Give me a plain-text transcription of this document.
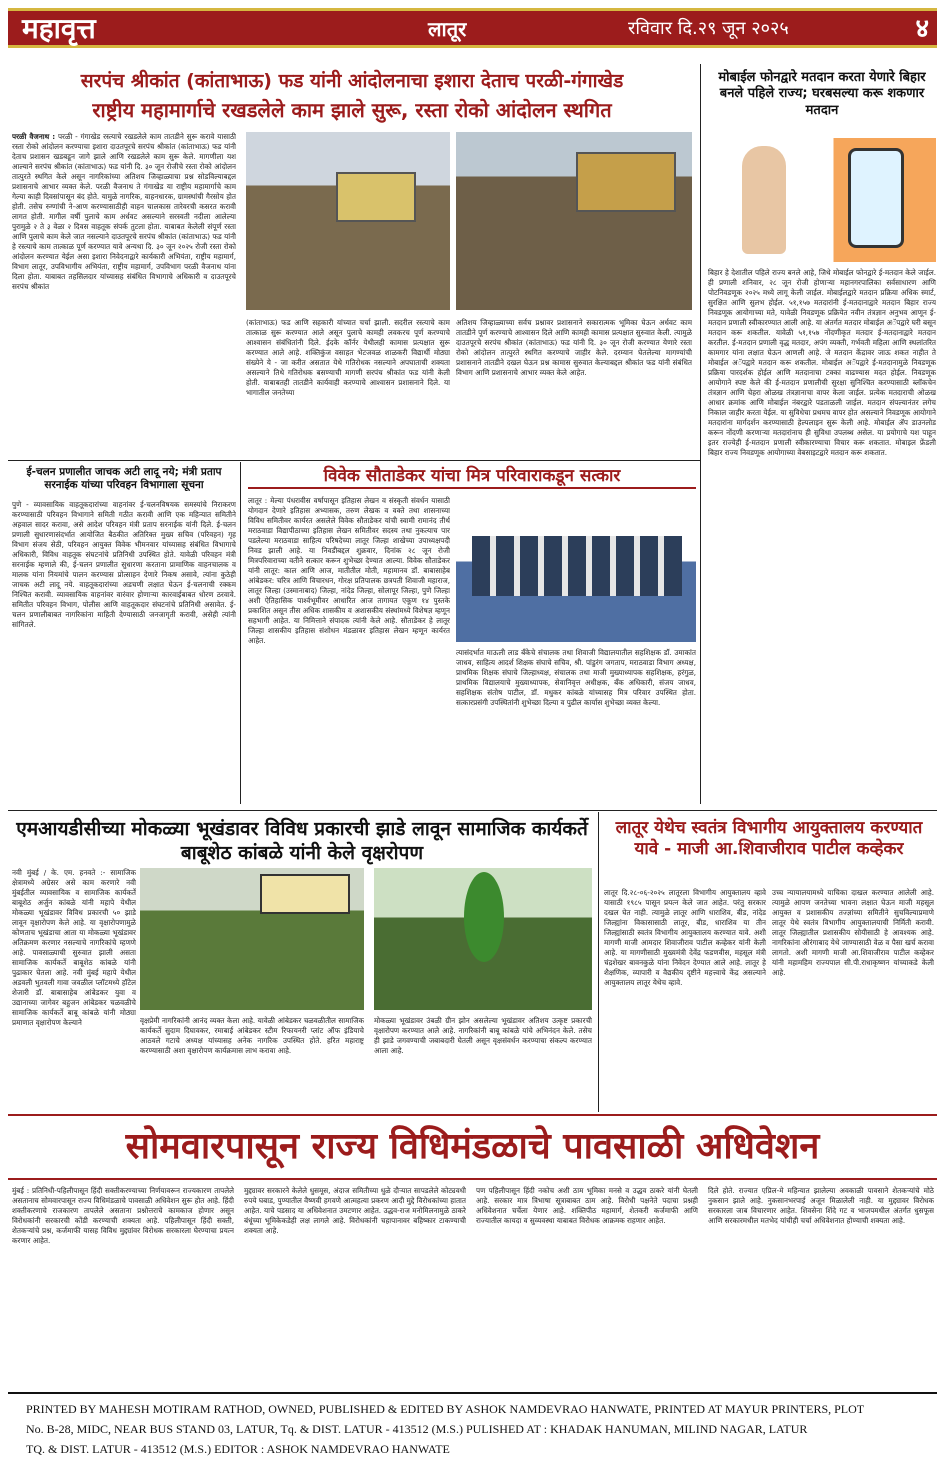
महावृत्त	लातूर	रविवार दि.२९ जून २०२५	४
सरपंच श्रीकांत (कांताभाऊ) फड यांनी आंदोलनाचा इशारा देताच परळी-गंगाखेड
राष्ट्रीय महामार्गाचे रखडलेले काम झाले सुरू, रस्ता रोको आंदोलन स्थगित
परळी वैजनाथ : परळी - गंगाखेड रस्त्याचे रखडलेले काम तातडीने सुरू करावे यासाठी रस्ता रोको आंदोलन करण्याचा इशारा दाउतपूरचे सरपंच श्रीकांत (कांताभाऊ) फड यांनी देताच प्रशासन खडबडून जागे झाले आणि रखडलेले काम सुरू केले. मागणीला यश आल्याने सरपंच श्रीकांत (कांताभाऊ) फड यांनी दि. ३० जून रोजीचे रस्ता रोको आंदोलन तात्पुरते स्थगित केले असून नागरिकांच्या अतिशय जिव्हाळ्याचा प्रश्न सोडविल्याबद्दल प्रशासनाचे आभार व्यक्त केले. परळी वैजनाथ ते गंगाखेड या राष्ट्रीय महामार्गाचे काम गेल्या काही दिवसांपासून बंद होते. यामुळे नागरिक, वाहनधारक, ग्रामस्थांची गैरसोय होत होती. तसेच रुग्णांची ने-आण करण्यासाठीही वाहन चालकास तारेवरची कसरत करावी लागत होती. मागील वर्षी पुलाचे काम अर्धवट असल्याने सरस्वती नदीला आलेल्या पुरामुळे २ ते ३ वेळा २ दिवस वाहतूक संपर्क तुटला होता. याबाबत केलेली संपूर्ण रस्ता आणि पुलाचे काम केले जात नसल्याने दाउतपूरचे सरपंच श्रीकांत (कांताभाऊ) फड यांनी हे रस्त्याचे काम तात्काळ पूर्ण करण्यात यावे अन्यथा दि. ३० जून २०२५ रोजी रस्ता रोको आंदोलन करण्यात येईल असा इशारा निवेदनाद्वारे कार्यकारी अभियंता, राष्ट्रीय महामार्ग, विभाग लातूर, उपविभागीय अभियंता, राष्ट्रीय महामार्ग, उपविभाग परळी वैजनाथ यांना दिला होता. याबाबत तहसिलदार यांच्यासह संबंधित विभागाचे अधिकारी व दाउतपूरचे सरपंच श्रीकांत
(कांताभाऊ) फड आणि सहकारी यांच्यात चर्चा झाली. सदरील रस्त्याचे काम तात्काळ सुरू करण्यात आले असून पुलाचे कामही लवकरच पूर्ण करण्याचे आश्वासन संबंधितांनी दिले. ईदके कॉर्नर येथीलही कामास प्रत्यक्षात सुरू करण्यात आले आहे. शक्तिकुंज वसाहत भेटजवळ शाळकरी विद्यार्थी मोठ्या संख्येने ये - जा करीत असतात येथे गतिरोधक नसल्याने अपघाताची शक्यता असल्याने तिथे गतिरोधक बसण्याची मागणी सरपंच श्रीकांत फड यांनी केली होती. याबाबतही तातडीने कार्यवाही करण्याचे आश्वासन प्रशासनाने दिले. या भागातील जनतेच्या
अतिशय जिव्हाळ्याच्या सर्वच प्रश्नावर प्रशासनाने सकारात्मक भूमिका घेऊन अर्धवट काम तातडीने पूर्ण करण्याचे आश्वासन दिले आणि कामही कामास प्रत्यक्षात सुरुवात केली. त्यामुळे दाउतपूरचे सरपंच श्रीकांत (कांताभाऊ) फड यांनी दि. ३० जून रोजी करण्यात येणारे रस्ता रोको आंदोलन तात्पुरते स्थगित करण्याचे जाहीर केले. दरम्यान घेतलेल्या मागण्यांची प्रशासनाने तातडीने दखल घेऊन प्रश्न कामास सुरुवात केल्याबद्दल श्रीकांत फड यांनी संबंधित विभाग आणि प्रशासनाचे आभार व्यक्त केले आहेत.
मोबाईल फोनद्वारे मतदान करता येणारे बिहार बनले पहिले राज्य; घरबसल्या करू शकणार मतदान
बिहार हे देशातील पहिले राज्य बनले आहे, जिथे मोबाईल फोनद्वारे ई-मतदान केले जाईल. ही प्रणाली शनिवार, २८ जून रोजी होणाऱ्या महानगरपालिका सर्वसाधारण आणि पोटनिवडणूक २०२५ मध्ये लागू केली जाईल. मोबाईलद्वारे मतदान प्रक्रिया अधिक स्मार्ट, सुरक्षित आणि सुलभ होईल. ५१,१५७ मतदारांनी ई-मतदानाद्वारे मतदान बिहार राज्य निवडणूक आयोगाच्या मते, यावेळी निवडणूक प्रक्रियेत नवीन तंत्रज्ञान अनुभव आणून ई-मतदान प्रणाली स्वीकारण्यात आली आहे. या अंतर्गत मतदार मोबाईल अॅपद्वारे घरी बसून मतदान करू शकतील. यावेळी ५१,१५७ नोंदणीकृत मतदार ई-मतदानाद्वारे मतदान करतील. ई-मतदान प्रणाली वृद्ध मतदार, अपंग व्यक्ती, गर्भवती महिला आणि स्थलांतरित कामगार यांना लक्षात घेऊन आणली आहे. जे मतदान केंद्रावर जाऊ शकत नाहीत ते मोबाईल अॅपद्वारे मतदान करू शकतील. मोबाईल अॅपद्वारे ई-मतदानामुळे निवडणूक प्रक्रिया पारदर्शक होईल आणि मतदानाचा टक्का वाढण्यास मदत होईल. निवडणूक आयोगाने स्पष्ट केले की ई-मतदान प्रणालीची सुरक्षा सुनिश्चित करण्यासाठी ब्लॉकचेन तंत्रज्ञान आणि चेहरा ओळख तंत्रज्ञानाचा वापर केला जाईल. प्रत्येक मतदाराची ओळख आधार क्रमांक आणि मोबाईल नंबरद्वारे पडताळली जाईल. मतदान संपल्यानंतर लगेच निकाल जाहीर करता येईल. या सुविधेचा प्रथमच वापर होत असल्याने निवडणूक आयोगाने मतदारांना मार्गदर्शन करण्यासाठी हेल्पलाइन सुरू केली आहे. मोबाईल ॲप डाउनलोड करून नोंदणी करणाऱ्या मतदारांनाच ही सुविधा उपलब्ध असेल. या प्रयोगाचे यश पाहून इतर राज्येही ई-मतदान प्रणाली स्वीकारण्याचा विचार करू शकतात. मोबाइल फ्रेंडली बिहार राज्य निवडणूक आयोगाच्या वेबसाइटद्वारे मतदान करू शकतात.
ई-चलन प्रणालीत जाचक अटी लादू नये; मंत्री प्रताप सरनाईक यांच्या परिवहन विभागाला सूचना
पुणे - व्यावसायिक वाहतूकदारांच्या वाहनांवर ई-चलनविषयक समस्यांचे निराकरण करण्यासाठी परिवहन विभागाने समिती गठीत करावी आणि एक महिन्यात समितीने अहवाल सादर करावा, असे आदेश परिवहन मंत्री प्रताप सरनाईक यांनी दिले. ई-चलन प्रणाली सुधारणासंदर्भात आयोजित बैठकीत अतिरिक्त मुख्य सचिव (परिवहन) गृह विभाग संजय सेठी, परिवहन आयुक्त विवेक भीमनवार यांच्यासह संबंधित विभागाचे अधिकारी, विविध वाहतूक संघटनांचे प्रतिनिधी उपस्थित होते. यावेळी परिवहन मंत्री सरनाईक म्हणाले की, ई-चलन प्रणालीत सुधारणा करताना प्रामाणिक वाहनचालक व मालक यांना नियमांचे पालन करण्यास प्रोत्साहन देणारे निकष असावे, त्यांना कुठेही जाचक अटी लादू नये. वाहतूकदारांच्या अडचणी लक्षात घेऊन ई-चलनाची रक्कम निश्चित करावी. व्यावसायिक वाहनांवर वारंवार होणाऱ्या कारवाईबाबत धोरण ठरवावे. समितीत परिवहन विभाग, पोलीस आणि वाहतूकदार संघटनांचे प्रतिनिधी असावेत. ई-चलन प्रणालीबाबत नागरिकांना माहिती देण्यासाठी जनजागृती करावी, असेही त्यांनी सांगितले.
विवेक सौताडेकर यांचा मित्र परिवाराकडून सत्कार
लातूर : मेल्या पंधरावीस वर्षापासून इतिहास लेखन व संस्कृती संवर्धन यासाठी योगदान देणारे इतिहास अभ्यासक, तरुण लेखक व वक्ते तथा शासनाच्या विविध समितीवर कार्यरत असलेले विवेक सौताडेकर यांची स्वामी रामानंद तीर्थ मराठवाडा विद्यापीठाच्या इतिहास लेखन समितीवर सदस्य तथा नुकत्याच पार पडलेल्या मराठवाडा साहित्य परिषदेच्या लातूर जिल्हा शाखेच्या उपाध्यक्षपदी निवड झाली आहे. या निवडीबद्दल शुक्रवार, दिनांक २८ जून रोजी मित्रपरिवाराच्या वतीने सत्कार करून शुभेच्छा देण्यात आल्या. विवेक सौताडेकर यांनी लातूर: काल आणि आज, मातीतील मोती, महामानव डॉ. बाबासाहेब आंबेडकर: चरित्र आणि विचारधन, गोरक्ष प्रतिपालक छत्रपती शिवाजी महाराज, लातूर जिल्हा (उस्मानाबाद) जिल्हा, नांदेड जिल्हा, सोलापूर जिल्हा, पुणे जिल्हा अशी ऐतिहासिक पार्श्वभूमीवर आधारित आज तागायत एकूण १४ पुस्तके प्रकाशित असून तीस अधिक शासकीय व अशासकीय संस्थांमध्ये विशेषज्ञ म्हणून सहभागी आहेत. या निमित्ताने संपादक त्यांनी केले आहे. सौताडेकर हे लातूर जिल्हा शासकीय इतिहास संशोधन मंडळावर इतिहास लेखन म्हणून कार्यरत आहेत.
त्यासंदर्भात माऊली लाड बँकेचे संचालक तथा शिवाजी विद्यालयातील सहशिक्षक डॉ. उमाकांत जाधव, साहित्य आदर्श शिक्षक संघाचे सचिव, श्री. पांडुरंग जगताप, मराठवाडा विभाग अध्यक्ष, प्राथमिक शिक्षक संघाचे जिल्हाध्यक्ष, संचालक तथा माजी मुख्याध्यापक सहशिक्षक, हरंगुळ, प्राथमिक विद्यालयाचे मुख्याध्यापक, सेवानिवृत्त अधीक्षक, बँक अधिकारी, संजय जाधव, सहशिक्षक संतोष पाटील, डॉ. मधुकर कांबळे यांच्यासह मित्र परिवार उपस्थित होता. सत्कारप्रसंगी उपस्थितांनी शुभेच्छा दिल्या व पुढील कार्यास शुभेच्छा व्यक्त केल्या.
एमआयडीसीच्या मोकळ्या भूखंडावर विविध प्रकारची झाडे लावून सामाजिक कार्यकर्ते बाबूशेठ कांबळे यांनी केले वृक्षरोपण
नवी मुंबई / के. एम. हनवते :- सामाजिक क्षेत्रामध्ये अग्रेसर असे काम करणारे नवी मुंबईतील व्यावसायिक व सामाजिक कार्यकर्ते बाबूशेठ अर्जुन कांबळे यांनी महापे येथील मोकळ्या भूखंडावर विविध प्रकारची ५० झाडे लावून वृक्षारोपण केले आहे. या वृक्षारोपणामुळे कोणताच भूखंडाचा आता या मोकळ्या भूखंडावर अतिक्रमण करणार नसल्याचे नागरिकांचे म्हणणे आहे. पावसाळ्याची सुरुवात झाली असता सामाजिक कार्यकर्ते बाबूशेठ कांबळे यांनी पुढाकार घेतला आहे. नवी मुंबई महापे येथील अडवली भुतवली गावा जवळील प्लॉटमध्ये हॉटेल शेजारी डॉ. बाबासाहेब आंबेडकर युवा व उद्यानाच्या जागेवर बहुजन आंबेडकर चळवळीचे सामाजिक कार्यकर्ते बाबू कांबळे यांनी मोठ्या प्रमाणात वृक्षारोपण केल्याने	वृक्षप्रेमी नागरिकांनी आनंद व्यक्त केला आहे. यावेळी आंबेडकर चळवळीतील सामाजिक कार्यकर्ते सुदाम दिघावकर, रमाबाई आंबेडकर स्टीम रिफायनरी प्लांट ऑफ इंडियाचे आठवले गटाचे अध्यक्ष यांच्यासह अनेक नागरिक उपस्थित होते. हरित महाराष्ट्र करण्यासाठी अशा वृक्षारोपण कार्यक्रमास लाभ करावा आहे.
मोकळ्या भूखंडावर उंबळी ग्रीन झोन असलेल्या भूखंडावर अतिशय उत्कृष्ट प्रकारची वृक्षारोपण करण्यात आले आहे. नागरिकांनी बाबू कांबळे यांचे अभिनंदन केले. तसेच ही झाडे जगवण्याची जबाबदारी घेतली असून वृक्षसंवर्धन करण्याचा संकल्प करण्यात आला आहे.
लातूर येथेच स्वतंत्र विभागीय आयुक्तालय करण्यात यावे - माजी आ.शिवाजीराव पाटील कव्हेकर
लातूर दि.२८-०६-२०२५ लातूरला विभागीय आयुक्तालय व्हावे यासाठी १९८५ पासून प्रयत्न केले जात आहेत. परंतु सरकार दखल घेत नाही. त्यामुळे लातूर आणि धाराशिव, बीड, नांदेड जिल्ह्यांना विकासासाठी लातूर, बीड, धाराशिव या तीन जिल्ह्यांसाठी स्वतंत्र विभागीय आयुक्तालय करण्यात यावे. अशी मागणी माजी आमदार शिवाजीराव पाटील कव्हेकर यांनी केली आहे. या मागणीसाठी मुख्यमंत्री देवेंद्र फडणवीस, महसूल मंत्री चंद्रशेखर बावनकुळे यांना निवेदन देण्यात आले आहे. लातूर हे शैक्षणिक, व्यापारी व वैद्यकीय दृष्टीने महत्त्वाचे केंद्र असल्याने आयुक्तालय लातूर येथेच व्हावे.
उच्च न्यायालयामध्ये याचिका दाखल करण्यात आलेली आहे. त्यामुळे आपण जनतेच्या भावना लक्षात घेऊन माजी महसूल आयुक्त व प्रशासकीय तज्ज्ञांच्या समितीने सुचविल्याप्रमाणे लातूर येथे स्वतंत्र विभागीय आयुक्तालयाची निर्मिती करावी. लातूर जिल्ह्यातील प्रशासकीय सोयीसाठी हे आवश्यक आहे. नागरिकांना औरंगाबाद येथे जाण्यासाठी वेळ व पैसा खर्च करावा लागतो. अशी मागणी माजी आ.शिवाजीराव पाटील कव्हेकर यांनी महामहिम राज्यपाल सी.पी.राधाकृष्णन यांच्याकडे केली आहे.
सोमवारपासून राज्य विधिमंडळाचे पावसाळी अधिवेशन
मुंबई : प्रतिनिधी-पहिलीपासून हिंदी सक्तीकरण्याच्या निर्णयावरून राज्यकारण तापलेले असतानाच सोमवारपासून राज्य विधिमंडळाचे पावसाळी अधिवेशन सुरू होत आहे. हिंदी शक्तीकरणाचे राजकारण तापलेले असताना प्रश्नोत्तराचे कामकाज होणार असून विरोधकांनी सरकारची कोंडी करण्याची शक्यता आहे. पहिलीपासून हिंदी सक्ती, शेतकऱ्यांचे प्रश्न, कर्जमाफी यासह विविध मुद्द्यांवर विरोधक सरकारला घेरण्याचा प्रयत्न करणार आहेत.
मुद्द्यावर सरकारने केलेले धुसमूस, अंदाज समितीच्या धुळे दौऱ्यात सापडलेले कोट्यवधी रुपये घबाड, पुण्यातील वैष्णवी हगवणे आत्महत्या प्रकरण आदी मुद्दे विरोधकांच्या हातात आहेत. याचे पडसाद या अधिवेशनात उमटणार आहेत. उद्धव-राज मनोमिलनामुळे ठाकरे बंधूंच्या भूमिकेकडेही लक्ष लागले आहे. विरोधकांनी चहापानावर बहिष्कार टाकण्याची शक्यता आहे.
पण पहिलीपासून हिंदी नकोच अशी ठाम भूमिका मनसे व उद्धव ठाकरे यांनी घेतली आहे. सरकार मात्र त्रिभाषा सूत्राबाबत ठाम आहे. विरोधी पक्षनेते पदाचा प्रश्नही अधिवेशनात चर्चेला येणार आहे. शक्तिपीठ महामार्ग, शेतकरी कर्जमाफी आणि राज्यातील कायदा व सुव्यवस्था याबाबत विरोधक आक्रमक राहणार आहेत.
दिले होते. राज्यात एप्रिल-मे महिन्यात झालेल्या अवकाळी पावसाने शेतकऱ्यांचे मोठे नुकसान झाले आहे. नुकसानभरपाई अजून मिळालेली नाही. या मुद्द्यावर विरोधक सरकारला जाब विचारणार आहेत. शिवसेना शिंदे गट व भाजपमधील अंतर्गत धुसफूस आणि सरकारमधील मतभेद यांचीही चर्चा अधिवेशनात होण्याची शक्यता आहे.

PRINTED BY MAHESH MOTIRAM RATHOD, OWNED, PUBLISHED & EDITED BY ASHOK NAMDEVRAO HANWATE, PRINTED AT MAYUR PRINTERS, PLOT

No. B-28, MIDC, NEAR BUS STAND 03, LATUR, Tq. & DIST. LATUR - 413512 (M.S.) PULISHED AT : KHADAK HANUMAN, MILIND NAGAR, LATUR

TQ. & DIST. LATUR - 413512 (M.S.) EDITOR : ASHOK NAMDEVRAO HANWATE
